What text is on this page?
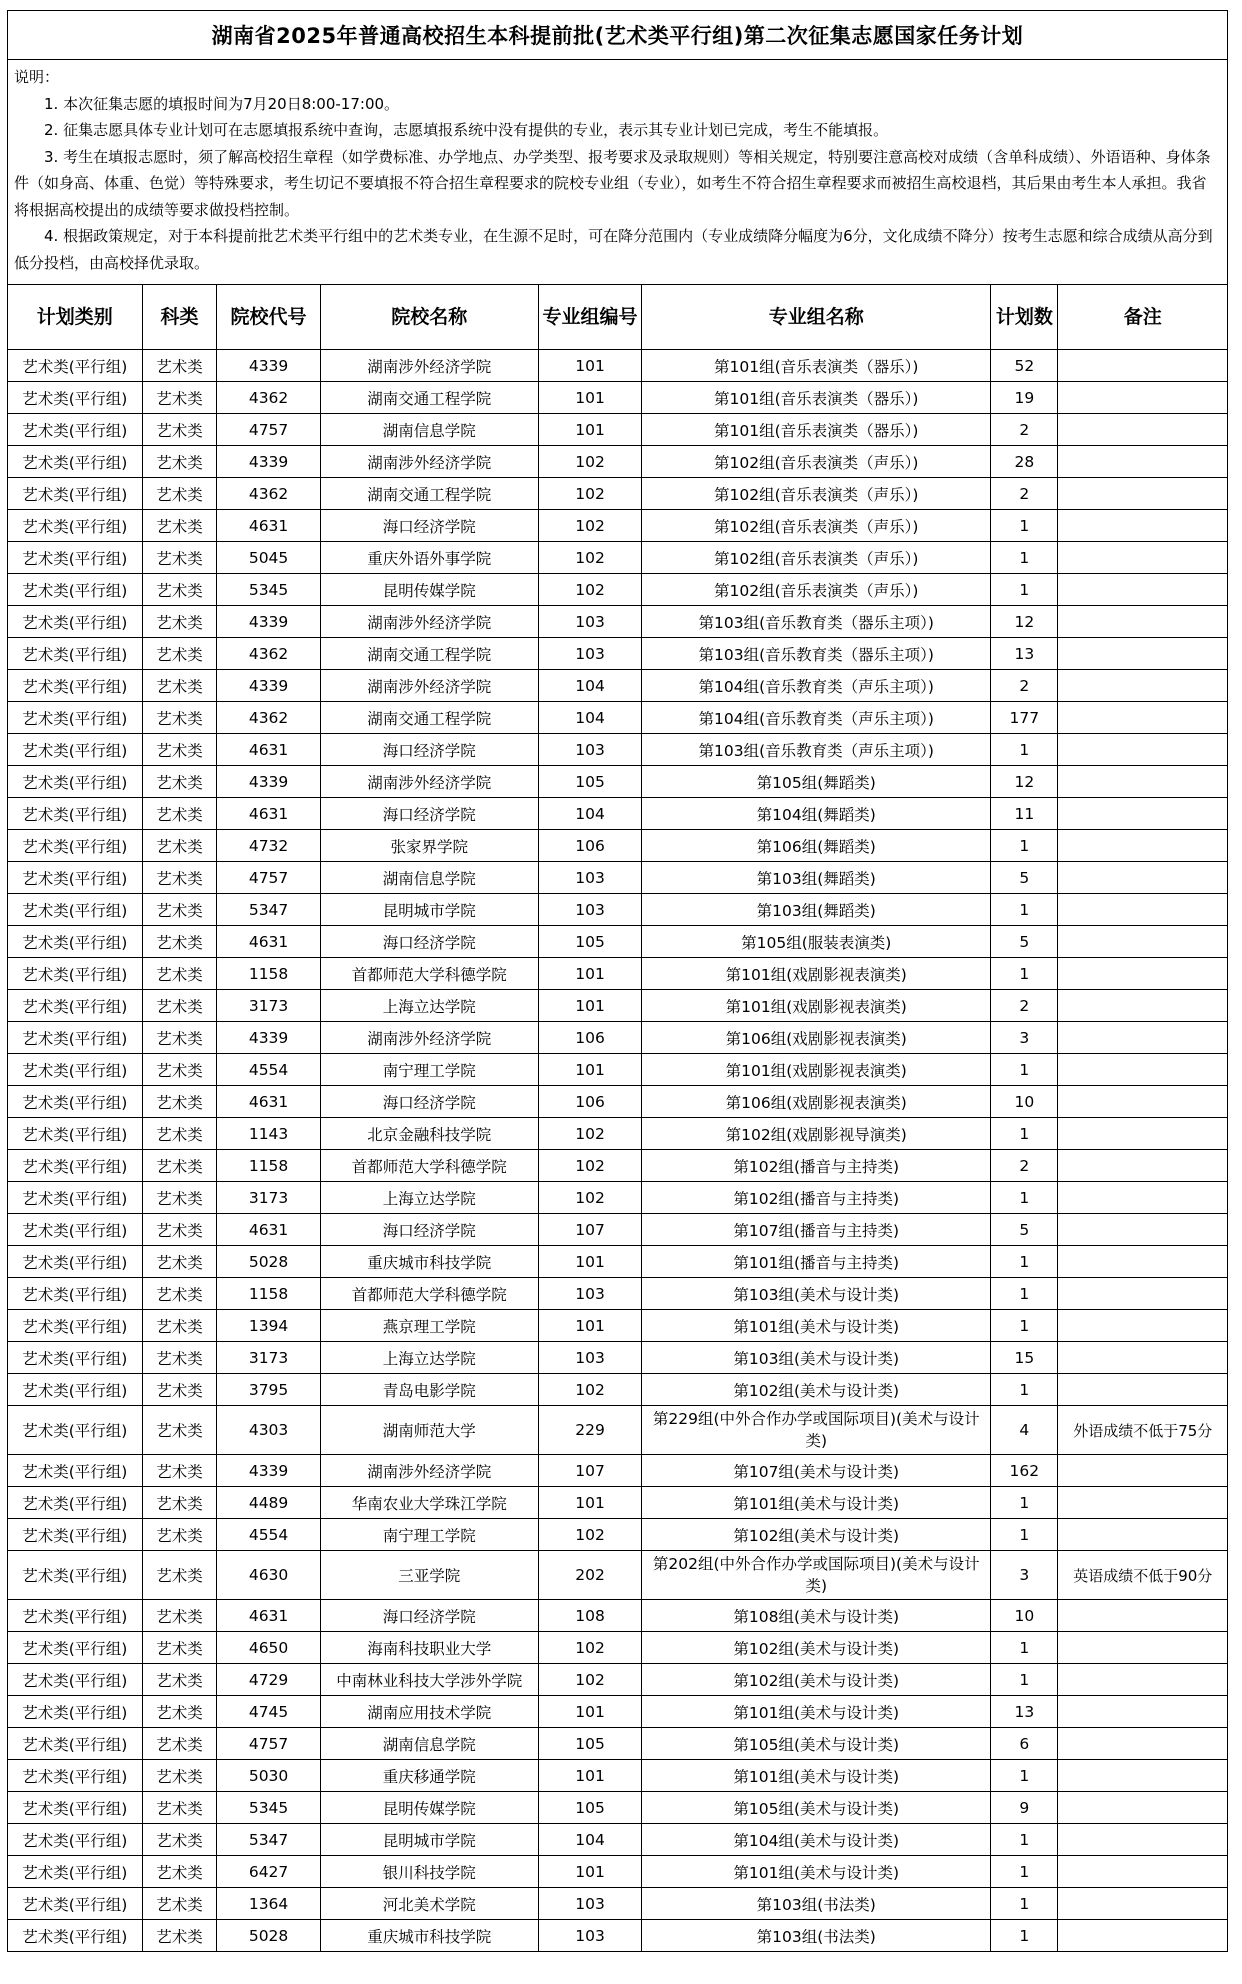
湖南省2025年普通高校招生本科提前批(艺术类平行组)第二次征集志愿国家任务计划

说明：

1. 本次征集志愿的填报时间为7月20日8:00-17:00。

2. 征集志愿具体专业计划可在志愿填报系统中查询，志愿填报系统中没有提供的专业，表示其专业计划已完成，考生不能填报。

3. 考生在填报志愿时，须了解高校招生章程（如学费标准、办学地点、办学类型、报考要求及录取规则）等相关规定，特别要注意高校对成绩（含单科成绩）、外语语种、身体条件（如身高、体重、色觉）等特殊要求，考生切记不要填报不符合招生章程要求的院校专业组（专业），如考生不符合招生章程要求而被招生高校退档，其后果由考生本人承担。我省将根据高校提出的成绩等要求做投档控制。

4. 根据政策规定，对于本科提前批艺术类平行组中的艺术类专业，在生源不足时，可在降分范围内（专业成绩降分幅度为6分，文化成绩不降分）按考生志愿和综合成绩从高分到低分投档，由高校择优录取。

计划类别	科类	院校代号	院校名称	专业组编号	专业组名称	计划数	备注
艺术类(平行组)	艺术类	4339	湖南涉外经济学院	101	第101组(音乐表演类（器乐）)	52	
艺术类(平行组)	艺术类	4362	湖南交通工程学院	101	第101组(音乐表演类（器乐）)	19	
艺术类(平行组)	艺术类	4757	湖南信息学院	101	第101组(音乐表演类（器乐）)	2	
艺术类(平行组)	艺术类	4339	湖南涉外经济学院	102	第102组(音乐表演类（声乐）)	28	
艺术类(平行组)	艺术类	4362	湖南交通工程学院	102	第102组(音乐表演类（声乐）)	2	
艺术类(平行组)	艺术类	4631	海口经济学院	102	第102组(音乐表演类（声乐）)	1	
艺术类(平行组)	艺术类	5045	重庆外语外事学院	102	第102组(音乐表演类（声乐）)	1	
艺术类(平行组)	艺术类	5345	昆明传媒学院	102	第102组(音乐表演类（声乐）)	1	
艺术类(平行组)	艺术类	4339	湖南涉外经济学院	103	第103组(音乐教育类（器乐主项）)	12	
艺术类(平行组)	艺术类	4362	湖南交通工程学院	103	第103组(音乐教育类（器乐主项）)	13	
艺术类(平行组)	艺术类	4339	湖南涉外经济学院	104	第104组(音乐教育类（声乐主项）)	2	
艺术类(平行组)	艺术类	4362	湖南交通工程学院	104	第104组(音乐教育类（声乐主项）)	177	
艺术类(平行组)	艺术类	4631	海口经济学院	103	第103组(音乐教育类（声乐主项）)	1	
艺术类(平行组)	艺术类	4339	湖南涉外经济学院	105	第105组(舞蹈类)	12	
艺术类(平行组)	艺术类	4631	海口经济学院	104	第104组(舞蹈类)	11	
艺术类(平行组)	艺术类	4732	张家界学院	106	第106组(舞蹈类)	1	
艺术类(平行组)	艺术类	4757	湖南信息学院	103	第103组(舞蹈类)	5	
艺术类(平行组)	艺术类	5347	昆明城市学院	103	第103组(舞蹈类)	1	
艺术类(平行组)	艺术类	4631	海口经济学院	105	第105组(服装表演类)	5	
艺术类(平行组)	艺术类	1158	首都师范大学科德学院	101	第101组(戏剧影视表演类)	1	
艺术类(平行组)	艺术类	3173	上海立达学院	101	第101组(戏剧影视表演类)	2	
艺术类(平行组)	艺术类	4339	湖南涉外经济学院	106	第106组(戏剧影视表演类)	3	
艺术类(平行组)	艺术类	4554	南宁理工学院	101	第101组(戏剧影视表演类)	1	
艺术类(平行组)	艺术类	4631	海口经济学院	106	第106组(戏剧影视表演类)	10	
艺术类(平行组)	艺术类	1143	北京金融科技学院	102	第102组(戏剧影视导演类)	1	
艺术类(平行组)	艺术类	1158	首都师范大学科德学院	102	第102组(播音与主持类)	2	
艺术类(平行组)	艺术类	3173	上海立达学院	102	第102组(播音与主持类)	1	
艺术类(平行组)	艺术类	4631	海口经济学院	107	第107组(播音与主持类)	5	
艺术类(平行组)	艺术类	5028	重庆城市科技学院	101	第101组(播音与主持类)	1	
艺术类(平行组)	艺术类	1158	首都师范大学科德学院	103	第103组(美术与设计类)	1	
艺术类(平行组)	艺术类	1394	燕京理工学院	101	第101组(美术与设计类)	1	
艺术类(平行组)	艺术类	3173	上海立达学院	103	第103组(美术与设计类)	15	
艺术类(平行组)	艺术类	3795	青岛电影学院	102	第102组(美术与设计类)	1	
艺术类(平行组)	艺术类	4303	湖南师范大学	229	第229组(中外合作办学或国际项目)(美术与设计类)	4	外语成绩不低于75分
艺术类(平行组)	艺术类	4339	湖南涉外经济学院	107	第107组(美术与设计类)	162	
艺术类(平行组)	艺术类	4489	华南农业大学珠江学院	101	第101组(美术与设计类)	1	
艺术类(平行组)	艺术类	4554	南宁理工学院	102	第102组(美术与设计类)	1	
艺术类(平行组)	艺术类	4630	三亚学院	202	第202组(中外合作办学或国际项目)(美术与设计类)	3	英语成绩不低于90分
艺术类(平行组)	艺术类	4631	海口经济学院	108	第108组(美术与设计类)	10	
艺术类(平行组)	艺术类	4650	海南科技职业大学	102	第102组(美术与设计类)	1	
艺术类(平行组)	艺术类	4729	中南林业科技大学涉外学院	102	第102组(美术与设计类)	1	
艺术类(平行组)	艺术类	4745	湖南应用技术学院	101	第101组(美术与设计类)	13	
艺术类(平行组)	艺术类	4757	湖南信息学院	105	第105组(美术与设计类)	6	
艺术类(平行组)	艺术类	5030	重庆移通学院	101	第101组(美术与设计类)	1	
艺术类(平行组)	艺术类	5345	昆明传媒学院	105	第105组(美术与设计类)	9	
艺术类(平行组)	艺术类	5347	昆明城市学院	104	第104组(美术与设计类)	1	
艺术类(平行组)	艺术类	6427	银川科技学院	101	第101组(美术与设计类)	1	
艺术类(平行组)	艺术类	1364	河北美术学院	103	第103组(书法类)	1	
艺术类(平行组)	艺术类	5028	重庆城市科技学院	103	第103组(书法类)	1	
